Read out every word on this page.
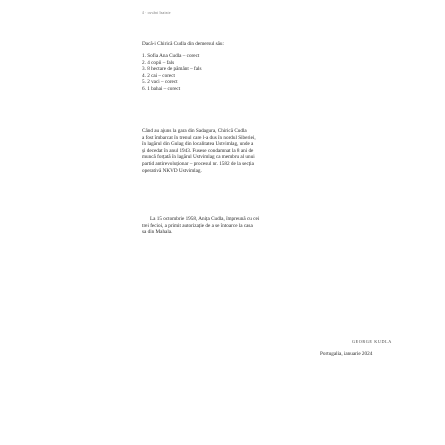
4 · cuvânt înainte
Dacă-i Chirică Cudla din demersul său:
1. Sofia Ana Cudla – corect
2. 4 copii – fals
3. 8 hectare de pământ – fals
4. 2 cai – corect
5. 2 vaci – corect
6. 1 bahai – corect
Când au ajuns la gara din Sadagura, Chirică Cudla
a fost îmbarcat în trenul care l-a dus în nordul Siberiei,
în lagărul din Gulag din localitatea Ustvimlag, unde a
și decedat în anul 1943. Fusese condamnat la 8 ani de
muncă forțată în lagărul Ustvimlag ca membru al unui
partid antirevoluționar – procesul nr. 1582 de la secția
operativă NKVD Ustvimlag.
La 15 octombrie 1958, Anița Cudla, împreună cu cei
trei fecioi, a primit autorizație de a se întoarce la casa
sa din Mahala.
GEORGE KUDLA
Portugalia, ianuarie 2024
